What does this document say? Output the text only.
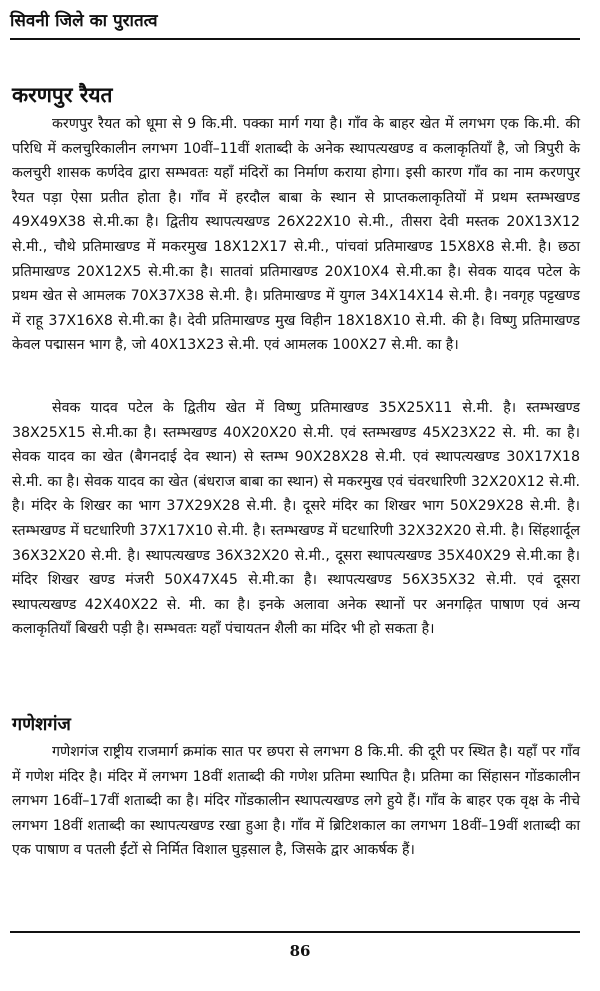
सिवनी जिले का पुरातत्व
करणपुर रैयत

करणपुर रैयत को धूमा से 9 कि.मी. पक्का मार्ग गया है। गाँव के बाहर खेत में लगभग एक कि.मी. की परिधि में कलचुरिकालीन लगभग 10वीं–11वीं शताब्दी के अनेक स्थापत्यखण्ड व कलाकृतियाँ है, जो त्रिपुरी के कलचुरी शासक कर्णदेव द्वारा सम्भवतः यहाँ मंदिरों का निर्माण कराया होगा। इसी कारण गाँव का नाम करणपुर रैयत पड़ा ऐसा प्रतीत होता है। गाँव में हरदौल बाबा के स्थान से प्राप्तकलाकृतियों में प्रथम स्तम्भखण्ड 49X49X38 से.मी.का है। द्वितीय स्थापत्यखण्ड 26X22X10 से.मी., तीसरा देवी मस्तक 20X13X12 से.मी., चौथे प्रतिमाखण्ड में मकरमुख 18X12X17 से.मी., पांचवां प्रतिमाखण्ड 15X8X8 से.मी. है। छठा प्रतिमाखण्ड 20X12X5 से.मी.का है। सातवां प्रतिमाखण्ड 20X10X4 से.मी.का है। सेवक यादव पटेल के प्रथम खेत से आमलक 70X37X38 से.मी. है। प्रतिमाखण्ड में युगल 34X14X14 से.मी. है। नवगृह पट्टखण्ड में राहू 37X16X8 से.मी.का है। देवी प्रतिमाखण्ड मुख विहीन 18X18X10 से.मी. की है। विष्णु प्रतिमाखण्ड केवल पद्मासन भाग है, जो 40X13X23 से.मी. एवं आमलक 100X27 से.मी. का है।

सेवक यादव पटेल के द्वितीय खेत में विष्णु प्रतिमाखण्ड 35X25X11 से.मी. है। स्तम्भखण्ड 38X25X15 से.मी.का है। स्तम्भखण्ड 40X20X20 से.मी. एवं स्तम्भखण्ड 45X23X22 से. मी. का है। सेवक यादव का खेत (बैगनदाई देव स्थान) से स्तम्भ 90X28X28 से.मी. एवं स्थापत्यखण्ड 30X17X18 से.मी. का है। सेवक यादव का खेत (बंधराज बाबा का स्थान) से मकरमुख एवं चंवरधारिणी 32X20X12 से.मी. है। मंदिर के शिखर का भाग 37X29X28 से.मी. है। दूसरे मंदिर का शिखर भाग 50X29X28 से.मी. है। स्तम्भखण्ड में घटधारिणी 37X17X10 से.मी. है। स्तम्भखण्ड में घटधारिणी 32X32X20 से.मी. है। सिंहशार्दूल 36X32X20 से.मी. है। स्थापत्यखण्ड 36X32X20 से.मी., दूसरा स्थापत्यखण्ड 35X40X29 से.मी.का है। मंदिर शिखर खण्ड मंजरी 50X47X45 से.मी.का है। स्थापत्यखण्ड 56X35X32 से.मी. एवं दूसरा स्थापत्यखण्ड 42X40X22 से. मी. का है। इनके अलावा अनेक स्थानों पर अनगढ़ित पाषाण एवं अन्य कलाकृतियाँ बिखरी पड़ी है। सम्भवतः यहाँ पंचायतन शैली का मंदिर भी हो सकता है।

गणेशगंज

गणेशगंज राष्ट्रीय राजमार्ग क्रमांक सात पर छपरा से लगभग 8 कि.मी. की दूरी पर स्थित है। यहाँ पर गाँव में गणेश मंदिर है। मंदिर में लगभग 18वीं शताब्दी की गणेश प्रतिमा स्थापित है। प्रतिमा का सिंहासन गोंडकालीन लगभग 16वीं–17वीं शताब्दी का है। मंदिर गोंडकालीन स्थापत्यखण्ड लगे हुये हैं। गाँव के बाहर एक वृक्ष के नीचे लगभग 18वीं शताब्दी का स्थापत्यखण्ड रखा हुआ है। गाँव में ब्रिटिशकाल का लगभग 18वीं–19वीं शताब्दी का एक पाषाण व पतली ईंटों से निर्मित विशाल घुड़साल है, जिसके द्वार आकर्षक हैं।

86
